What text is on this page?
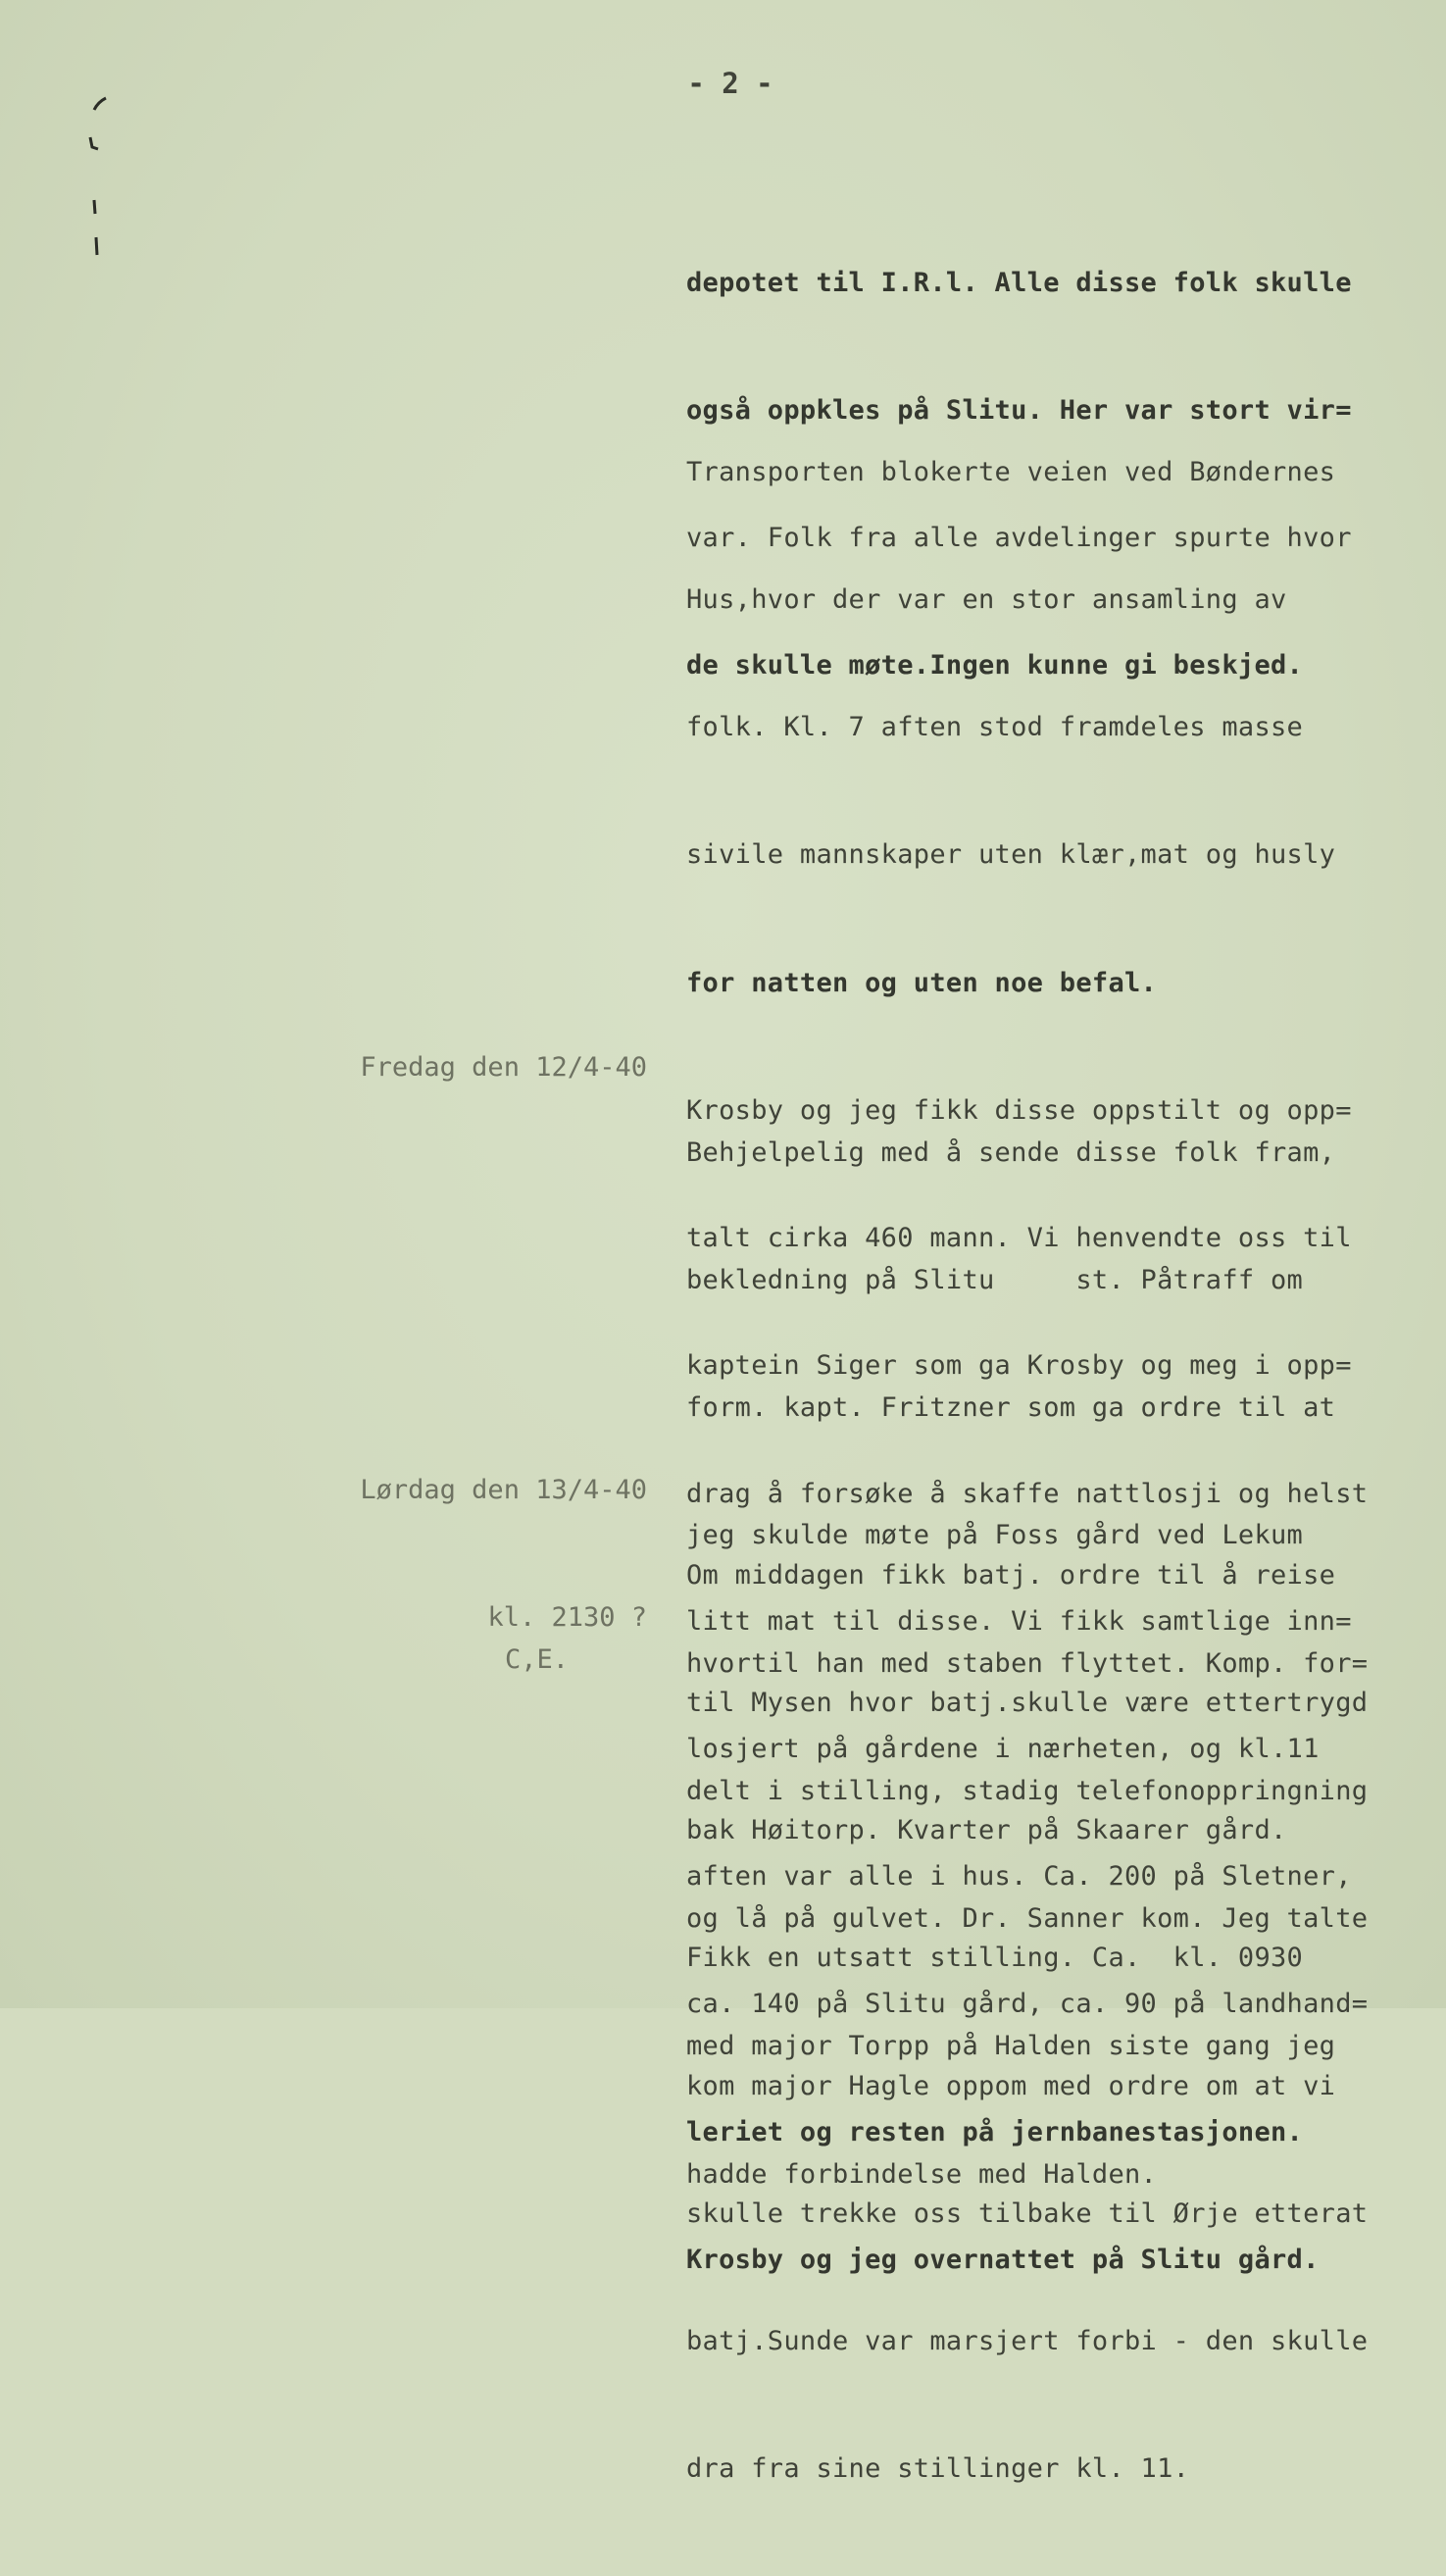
- 2 -

depotet til I.R.l. Alle disse folk skulle

også oppkles på Slitu. Her var stort vir=

var. Folk fra alle avdelinger spurte hvor

de skulle møte.Ingen kunne gi beskjed.

Transporten blokerte veien ved Bøndernes

Hus,hvor der var en stor ansamling av

folk. Kl. 7 aften stod framdeles masse

sivile mannskaper uten klær,mat og husly

for natten og uten noe befal.

Krosby og jeg fikk disse oppstilt og opp=

talt cirka 460 mann. Vi henvendte oss til

kaptein Siger som ga Krosby og meg i opp=

drag å forsøke å skaffe nattlosji og helst

litt mat til disse. Vi fikk samtlige inn=

losjert på gårdene i nærheten, og kl.11

aften var alle i hus. Ca. 200 på Sletner,

ca. 140 på Slitu gård, ca. 90 på landhand=

leriet og resten på jernbanestasjonen.

Krosby og jeg overnattet på Slitu gård.

Fredag den 12/4-40

Behjelpelig med å sende disse folk fram,

bekledning på Slitu     st. Påtraff om

form. kapt. Fritzner som ga ordre til at

jeg skulde møte på Foss gård ved Lekum

hvortil han med staben flyttet. Komp. for=

delt i stilling, stadig telefonoppringning

og lå på gulvet. Dr. Sanner kom. Jeg talte

med major Torpp på Halden siste gang jeg

hadde forbindelse med Halden.

Lørdag den 13/4-40
kl. 2130 ?
C,E.

Om middagen fikk batj. ordre til å reise

til Mysen hvor batj.skulle være ettertrygd

bak Høitorp. Kvarter på Skaarer gård.

Fikk en utsatt stilling. Ca.  kl. 0930

kom major Hagle oppom med ordre om at vi

skulle trekke oss tilbake til Ørje etterat

batj.Sunde var marsjert forbi - den skulle

dra fra sine stillinger kl. 11.
